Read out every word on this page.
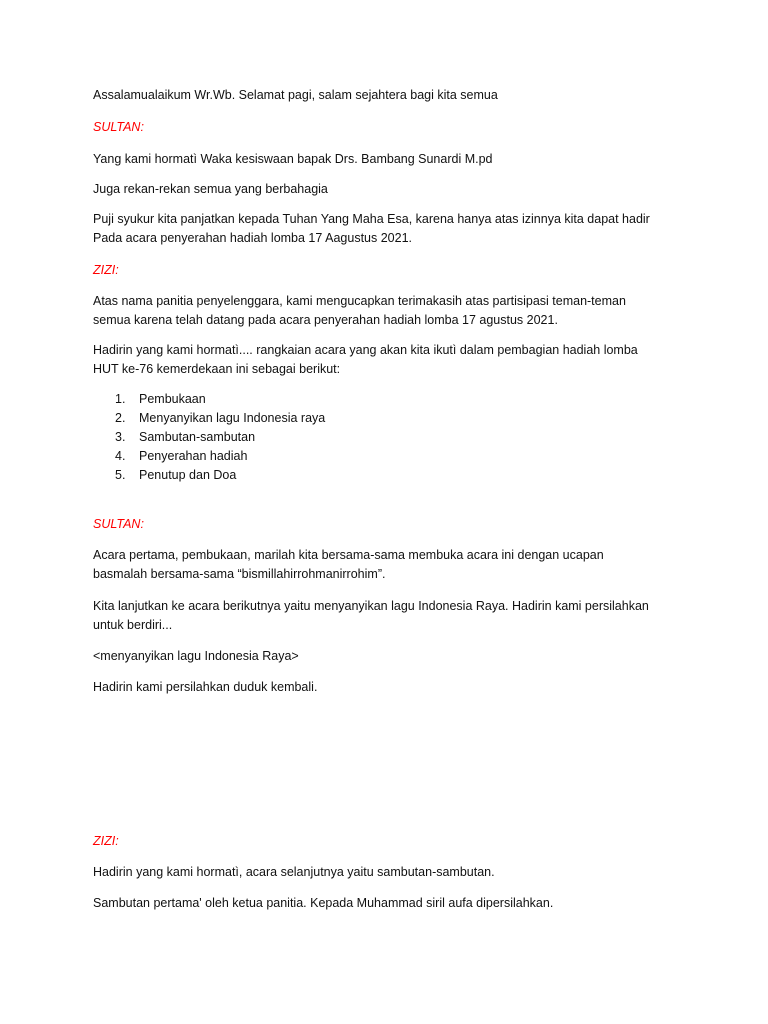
Assalamualaikum Wr.Wb. Selamat pagi, salam sejahtera bagi kita semua

SULTAN:

Yang kami hormatì Waka kesiswaan bapak Drs. Bambang Sunardi M.pd

Juga rekan-rekan semua yang berbahagia

Puji syukur kita panjatkan kepada Tuhan Yang Maha Esa, karena hanya atas izinnya kita dapat hadir
Pada acara penyerahan hadiah lomba 17 Aagustus 2021.

ZIZI:

Atas nama panitia penyelenggara, kami mengucapkan terimakasih atas partisipasi teman-teman
semua karena telah datang pada acara penyerahan hadiah lomba 17 agustus 2021.

Hadirin yang kami hormatì.... rangkaian acara yang akan kita ikutì dalam pembagian hadiah lomba
HUT ke-76 kemerdekaan ini sebagai berikut:

1. Pembukaan
2. Menyanyikan lagu Indonesia raya
3. Sambutan-sambutan
4. Penyerahan hadiah
5. Penutup dan Doa

SULTAN:

Acara pertama, pembukaan, marilah kita bersama-sama membuka acara ini dengan ucapan
basmalah bersama-sama “bismillahirrohmanirrohim”.

Kita lanjutkan ke acara berikutnya yaitu menyanyikan lagu Indonesia Raya. Hadirin kami persilahkan
untuk berdiri...

<menyanyikan lagu Indonesia Raya>

Hadirin kami persilahkan duduk kembali.

ZIZI:

Hadirin yang kami hormatì, acara selanjutnya yaitu sambutan-sambutan.

Sambutan pertama' oleh ketua panitia. Kepada Muhammad siril aufa dipersilahkan.
